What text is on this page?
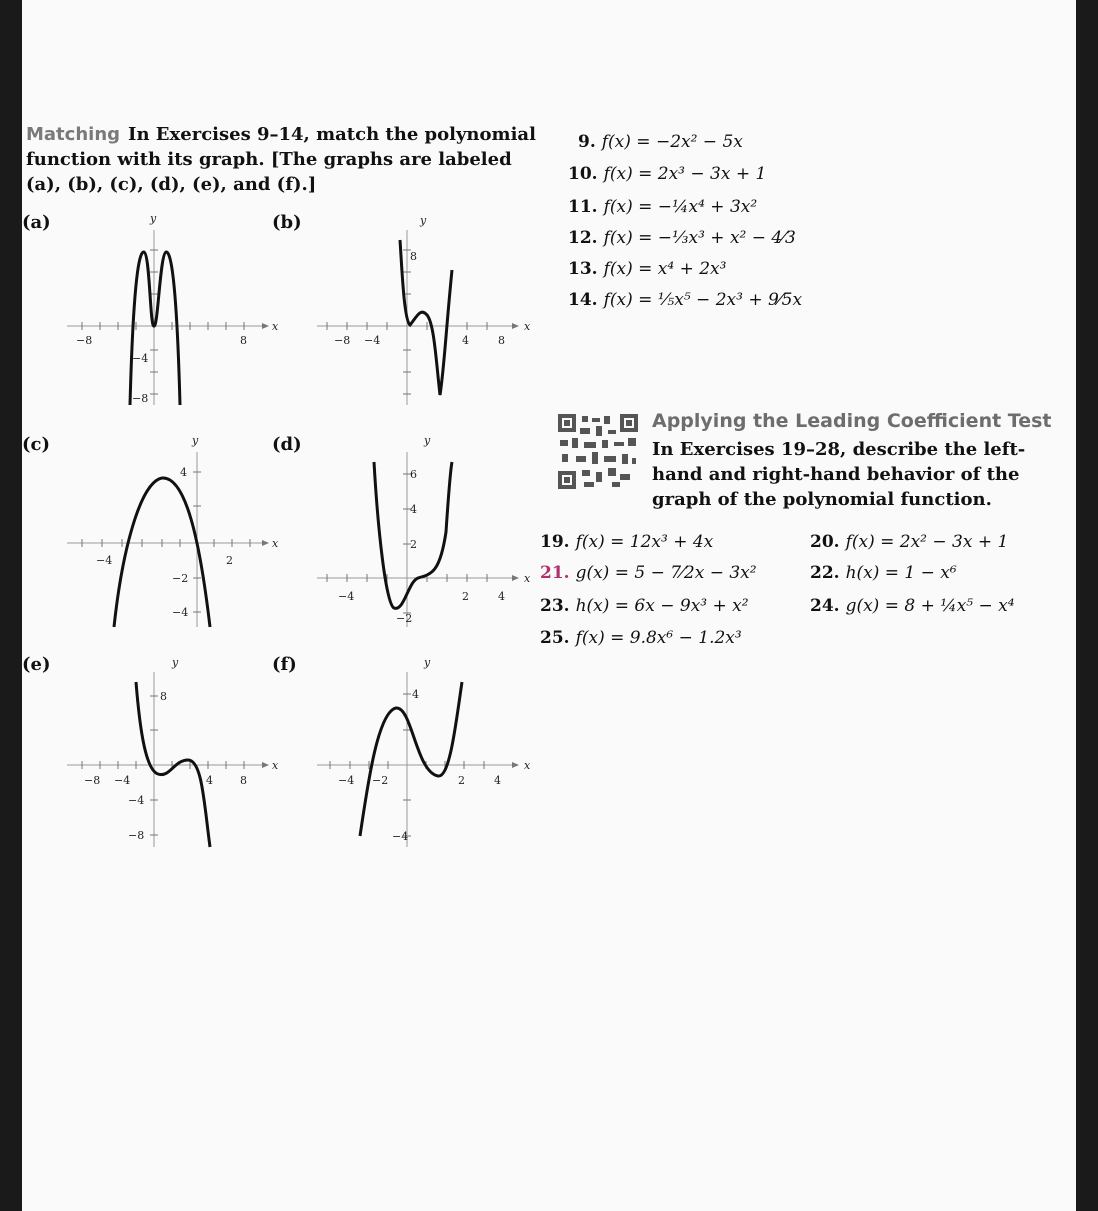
Matching In Exercises 9–14, match the polynomial function with its graph. [The graphs are labeled (a), (b), (c), (d), (e), and (f).]
9. f(x) = −2x² − 5x
10. f(x) = 2x³ − 3x + 1
11. f(x) = −¼x⁴ + 3x²
12. f(x) = −⅓x³ + x² − 4⁄3
13. f(x) = x⁴ + 2x³
14. f(x) = ⅕x⁵ − 2x³ + 9⁄5x
(a)	(b)
(c)	(d)
(e)	(f)
x
y
−8	8
−4
−8
x
y
−8 −4	4	8
8
x
y
−4	2
4
−2
−4
x
y
−4	2	4
6
4
2
−2
x
y
−8 −4	4 8
8
−4
−8
x
y
−4 −2	2	4
4
−4
Applying the Leading Coefficient Test
In Exercises 19–28, describe the left-hand and right-hand behavior of the graph of the polynomial function.
19. f(x) = 12x³ + 4x	20. f(x) = 2x² − 3x + 1
21. g(x) = 5 − 7⁄2x − 3x²	22. h(x) = 1 − x⁶
23. h(x) = 6x − 9x³ + x²	24. g(x) = 8 + ¼x⁵ − x⁴
25. f(x) = 9.8x⁶ − 1.2x³
